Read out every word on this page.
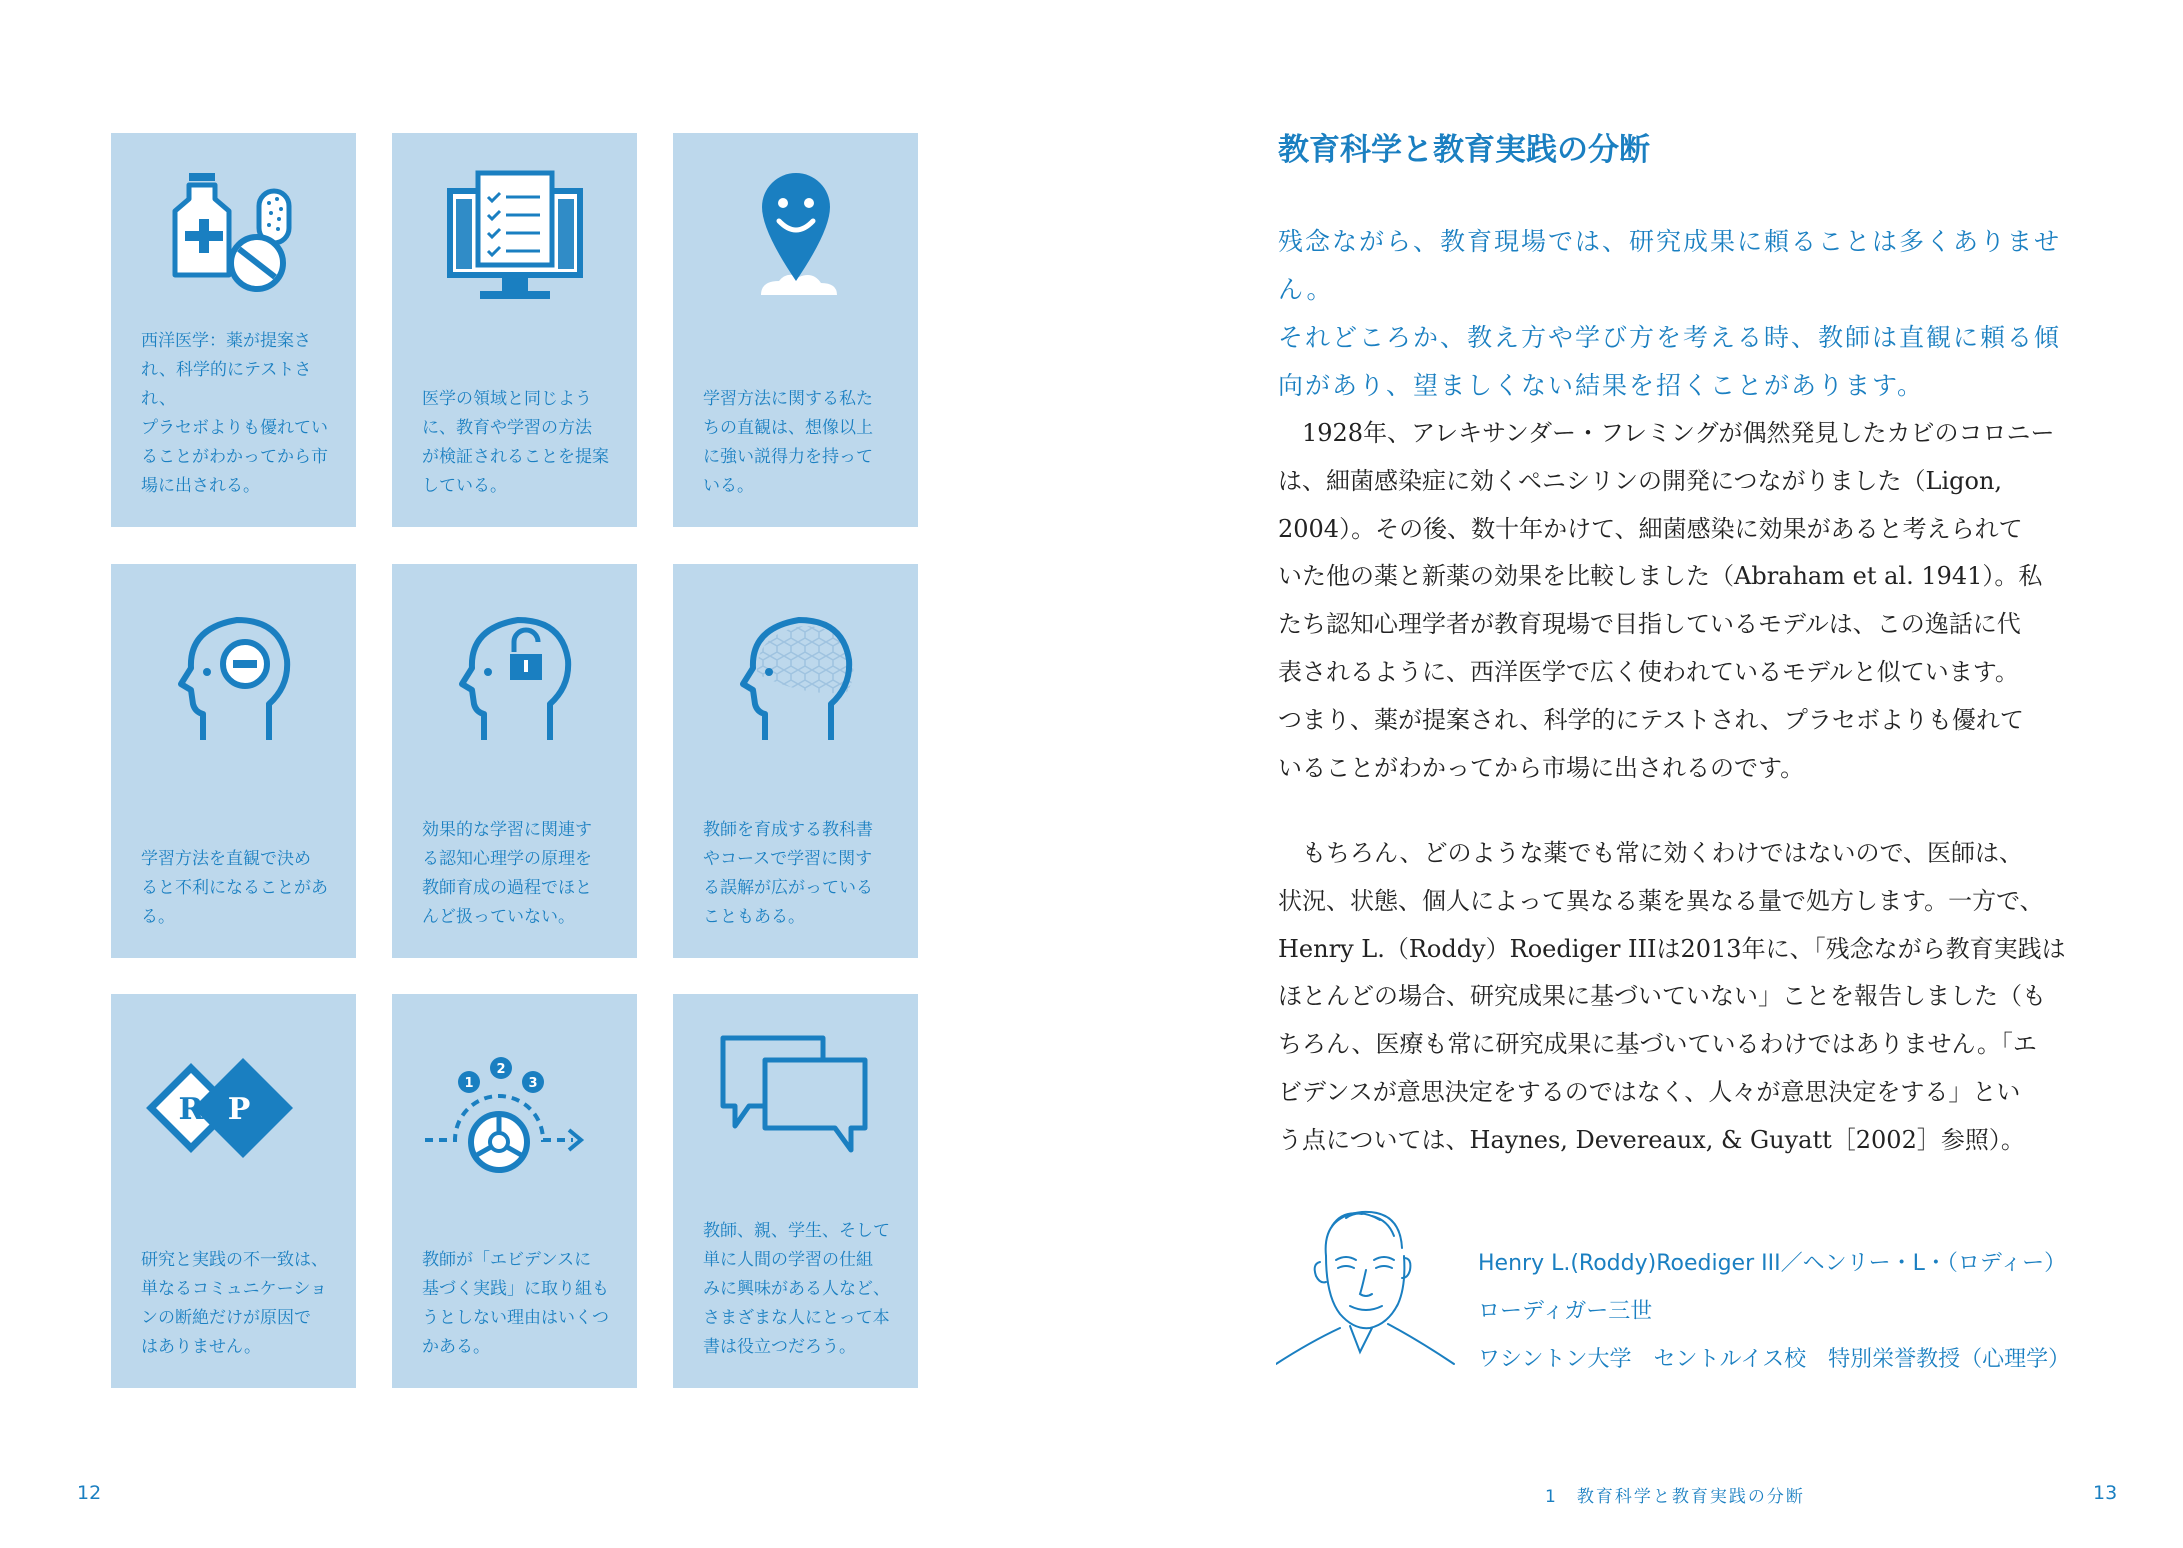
西洋医学：薬が提案さ
れ、科学的にテストされ、
プラセボよりも優れてい
ることがわかってから市
場に出される。
医学の領域と同じよう
に、教育や学習の方法
が検証されることを提案
している。
学習方法に関する私た
ちの直観は、想像以上
に強い説得力を持って
いる。
学習方法を直観で決め
ると不利になることがある。
効果的な学習に関連す
る認知心理学の原理を
教師育成の過程でほと
んど扱っていない。
教師を育成する教科書
やコースで学習に関す
る誤解が広がっている
こともある。
R P
研究と実践の不一致は、
単なるコミュニケーショ
ンの断絶だけが原因で
はありません。
1
2
3
教師が「エビデンスに
基づく実践」に取り組も
うとしない理由はいくつ
かある。
教師、親、学生、そして
単に人間の学習の仕組
みに興味がある人など、
さまざまな人にとって本
書は役立つだろう。
教育科学と教育実践の分断
残念ながら、教育現場では、研究成果に頼ることは多くありません。
それどころか、教え方や学び方を考える時、教師は直観に頼る傾
向があり、望ましくない結果を招くことがあります。
　1928年、アレキサンダー・フレミングが偶然発見したカビのコロニー
は、細菌感染症に効くペニシリンの開発につながりました（Ligon,
2004）。その後、数十年かけて、細菌感染に効果があると考えられて
いた他の薬と新薬の効果を比較しました（Abraham et al. 1941）。私
たち認知心理学者が教育現場で目指しているモデルは、この逸話に代
表されるように、西洋医学で広く使われているモデルと似ています。
つまり、薬が提案され、科学的にテストされ、プラセボよりも優れて
いることがわかってから市場に出されるのです。
　もちろん、どのような薬でも常に効くわけではないので、医師は、
状況、状態、個人によって異なる薬を異なる量で処方します。一方で、
Henry L.（Roddy）Roediger IIIは2013年に、「残念ながら教育実践は
ほとんどの場合、研究成果に基づいていない」ことを報告しました（も
ちろん、医療も常に研究成果に基づいているわけではありません。「エ
ビデンスが意思決定をするのではなく、人々が意思決定をする」とい
う点については、Haynes, Devereaux, & Guyatt［2002］参照）。
Henry L.(Roddy)Roediger III／ヘンリー・L・（ロディー）
ローディガー三世
ワシントン大学　セントルイス校　特別栄誉教授（心理学）
12	1　教育科学と教育実践の分断	13
